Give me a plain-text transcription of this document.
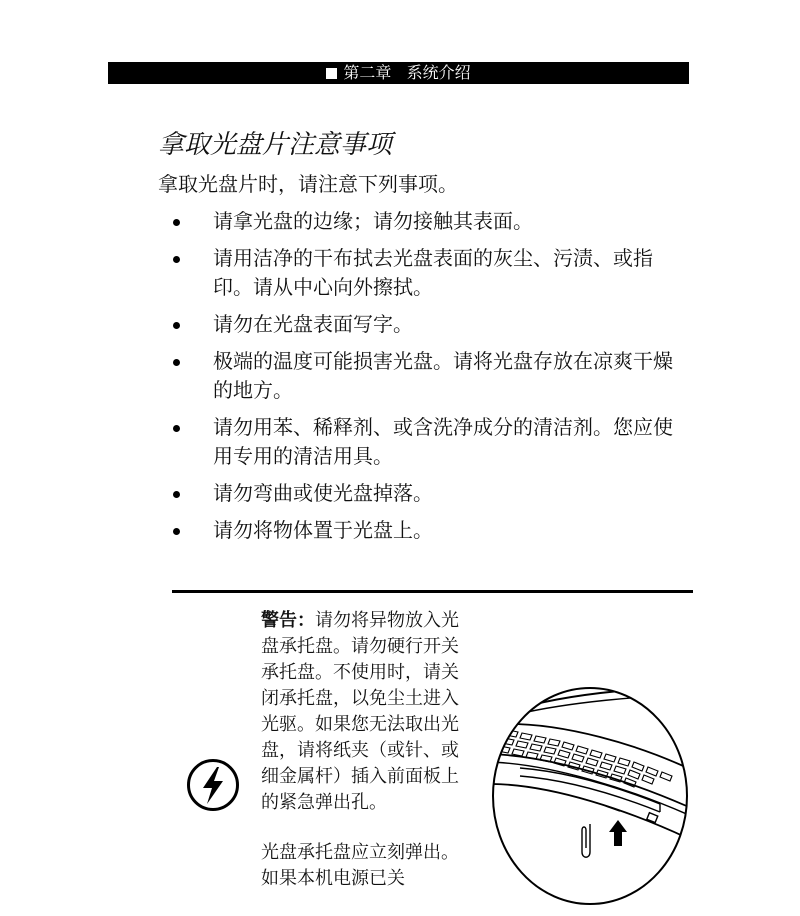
第二章 系统介绍
拿取光盘片注意事项

拿取光盘片时，请注意下列事项。

请拿光盘的边缘；请勿接触其表面。
请用洁净的干布拭去光盘表面的灰尘、污渍、或指印。请从中心向外擦拭。
请勿在光盘表面写字。
极端的温度可能损害光盘。请将光盘存放在凉爽干燥的地方。
请勿用苯、稀释剂、或含洗净成分的清洁剂。您应使用专用的清洁用具。
请勿弯曲或使光盘掉落。
请勿将物体置于光盘上。

警告：请勿将异物放入光盘承托盘。请勿硬行开关承托盘。不使用时，请关闭承托盘，以免尘土进入光驱。如果您无法取出光盘，请将纸夹（或针、或细金属杆）插入前面板上的紧急弹出孔。

光盘承托盘应立刻弹出。如果本机电源已关
